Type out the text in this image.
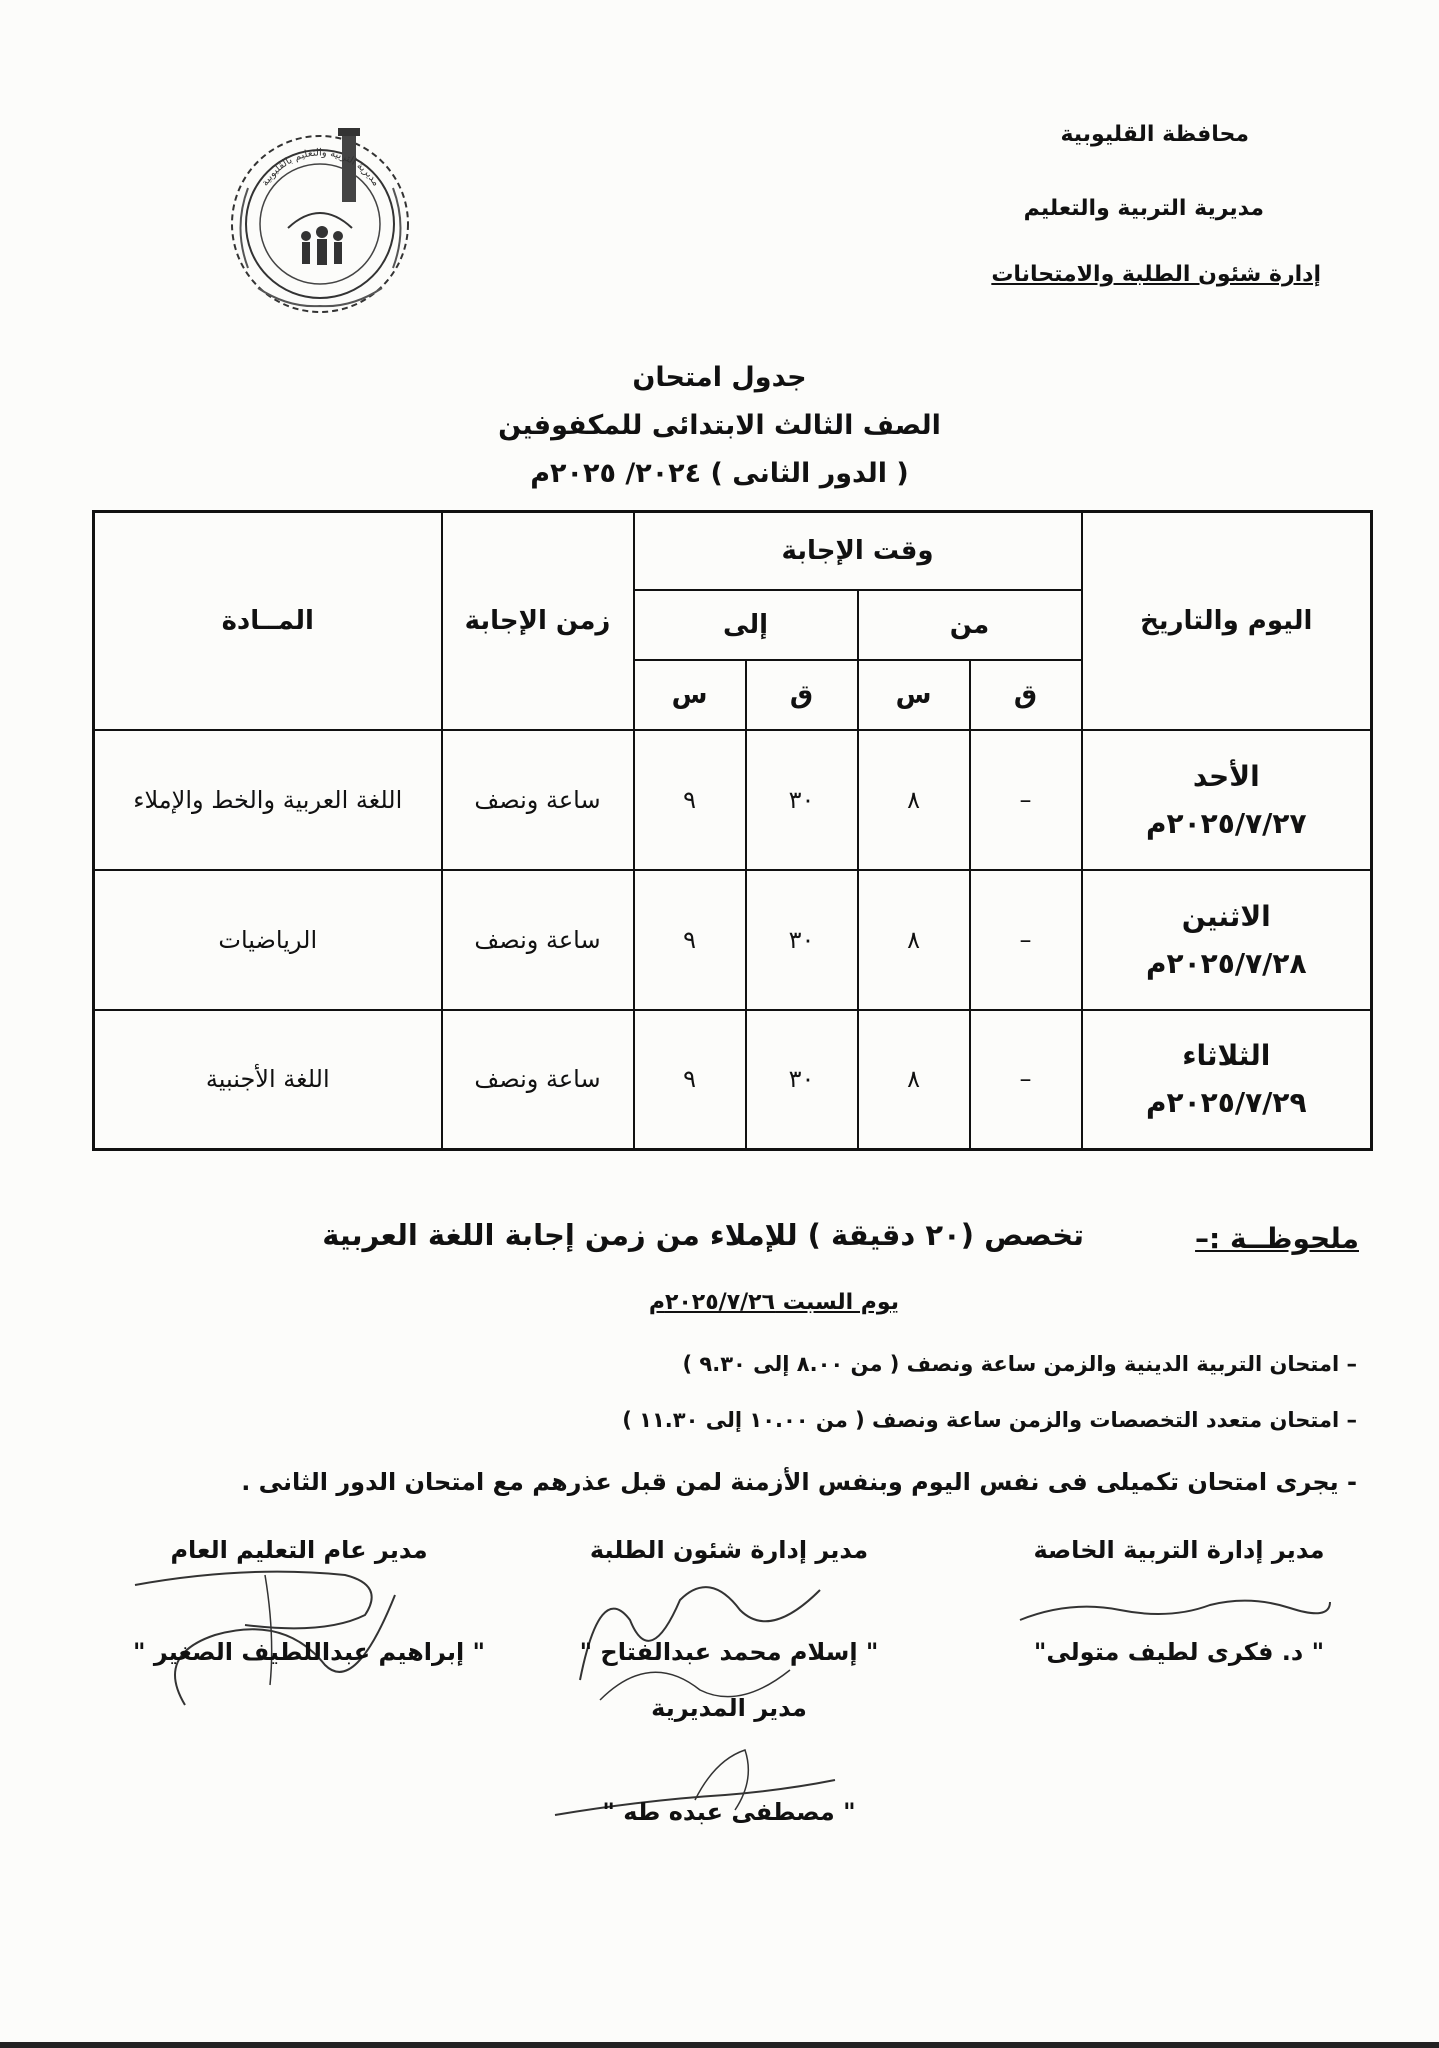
محافظة القليوبية
مديرية التربية والتعليم
إدارة شئون الطلبة والامتحانات
مديرية التربية والتعليم بالقليوبية
جدول امتحان
الصف الثالث الابتدائى للمكفوفين
( الدور الثانى ) ٢٠٢٤/ ٢٠٢٥م
اليوم والتاريخ	وقت الإجابة				زمن الإجابة	المــادة
	من		إلى			
	ق	س	ق	س		

الأحد
٢٠٢٥/٧/٢٧م	–	٨	٣٠	٩	ساعة ونصف	اللغة العربية والخط والإملاء

الاثنين
٢٠٢٥/٧/٢٨م	–	٨	٣٠	٩	ساعة ونصف	الرياضيات

الثلاثاء
٢٠٢٥/٧/٢٩م	–	٨	٣٠	٩	ساعة ونصف	اللغة الأجنبية
ملحوظــة :–
تخصص (٢٠ دقيقة ) للإملاء من زمن إجابة اللغة العربية
يوم السبت ٢٠٢٥/٧/٢٦م
– امتحان التربية الدينية والزمن ساعة ونصف ( من ٨.٠٠ إلى ٩.٣٠ )
– امتحان متعدد التخصصات والزمن ساعة ونصف ( من ١٠.٠٠ إلى ١١.٣٠ )
- يجرى امتحان تكميلى فى نفس اليوم وبنفس الأزمنة لمن قبل عذرهم مع امتحان الدور الثانى .
مدير إدارة التربية الخاصة
مدير إدارة شئون الطلبة
مدير عام التعليم العام
" د. فكرى لطيف متولى"
" إسلام محمد عبدالفتاح "
" إبراهيم عبداللطيف الصغير "
مدير المديرية
" مصطفى عبده طه "
